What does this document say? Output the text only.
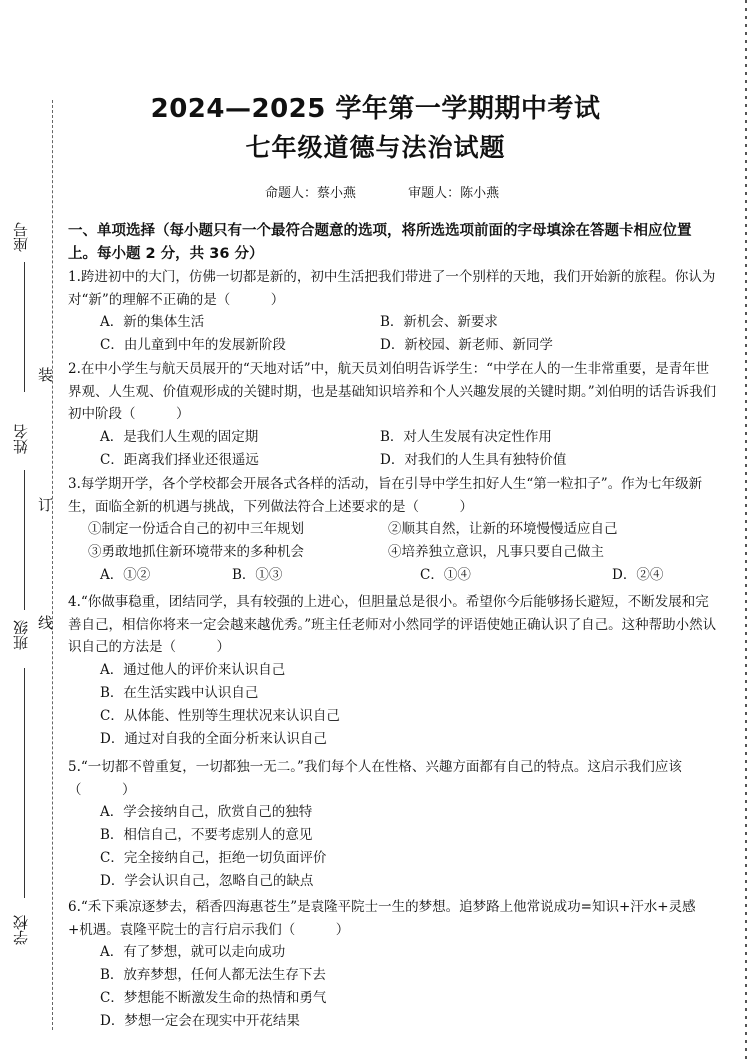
座号
姓名
班级
学校
装
订
线
2024—2025 学年第一学期期中考试
七年级道德与法治试题
命题人：蔡小燕	审题人：陈小燕
一、单项选择（每小题只有一个最符合题意的选项，将所选选项前面的字母填涂在答题卡相应位置上。每小题 2 分，共 36 分）
1.跨进初中的大门，仿佛一切都是新的，初中生活把我们带进了一个别样的天地，我们开始新的旅程。你认为对“新”的理解不正确的是（　　　）
A．新的集体生活	B．新机会、新要求
C．由儿童到中年的发展新阶段	D．新校园、新老师、新同学
2.在中小学生与航天员展开的“天地对话”中，航天员刘伯明告诉学生：“中学在人的一生非常重要，是青年世界观、人生观、价值观形成的关键时期，也是基础知识培养和个人兴趣发展的关键时期。”刘伯明的话告诉我们初中阶段（　　　）
A．是我们人生观的固定期	B．对人生发展有决定性作用
C．距离我们择业还很遥远	D．对我们的人生具有独特价值
3.每学期开学，各个学校都会开展各式各样的活动，旨在引导中学生扣好人生“第一粒扣子”。作为七年级新生，面临全新的机遇与挑战，下列做法符合上述要求的是（　　　）
①制定一份适合自己的初中三年规划	②顺其自然，让新的环境慢慢适应自己
③勇敢地抓住新环境带来的多种机会	④培养独立意识，凡事只要自己做主
A．①②	B．①③	C．①④	D．②④
4.“你做事稳重，团结同学，具有较强的上进心，但胆量总是很小。希望你今后能够扬长避短，不断发展和完善自己，相信你将来一定会越来越优秀。”班主任老师对小然同学的评语使她正确认识了自己。这种帮助小然认识自己的方法是（　　　）
A．通过他人的评价来认识自己
B．在生活实践中认识自己
C．从体能、性别等生理状况来认识自己
D．通过对自我的全面分析来认识自己
5.“一切都不曾重复，一切都独一无二。”我们每个人在性格、兴趣方面都有自己的特点。这启示我们应该（　　　）
A．学会接纳自己，欣赏自己的独特
B．相信自己，不要考虑别人的意见
C．完全接纳自己，拒绝一切负面评价
D．学会认识自己，忽略自己的缺点
6.“禾下乘凉逐梦去，稻香四海惠苍生”是袁隆平院士一生的梦想。追梦路上他常说成功=知识+汗水+灵感+机遇。袁隆平院士的言行启示我们（　　　）
A．有了梦想，就可以走向成功
B．放弃梦想，任何人都无法生存下去
C．梦想能不断激发生命的热情和勇气
D．梦想一定会在现实中开花结果
